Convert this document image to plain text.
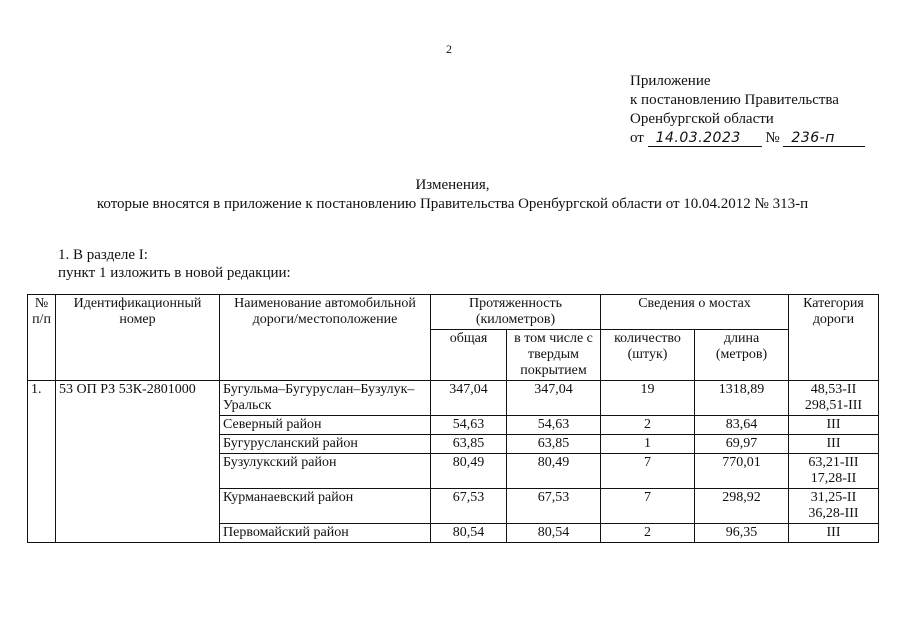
2
Приложение
к постановлению Правительства
Оренбургской области
от 14.03.2023 № 236-п
Изменения,
которые вносятся в приложение к постановлению Правительства Оренбургской области от 10.04.2012 № 313-п
1. В разделе I:
пункт 1 изложить в новой редакции:
№ п/п	Идентификационный номер	Наименование автомобильной дороги/местоположение	Протяженность (километров)		Сведения о мостах		Категория дороги
			общая	в том числе с твердым покрытием	количество (штук)	длина (метров)	
1.	53 ОП РЗ 53К-2801000	Бугульма–Бугуруслан–Бузулук–Уральск	347,04	347,04	19	1318,89	48,53-II
298,51-III

		Северный район	54,63	54,63	2	83,64	III
		Бугурусланский район	63,85	63,85	1	69,97	III
		Бузулукский район	80,49	80,49	7	770,01	63,21-III
17,28-II

		Курманаевский район	67,53	67,53	7	298,92	31,25-II
36,28-III

		Первомайский район	80,54	80,54	2	96,35	III
